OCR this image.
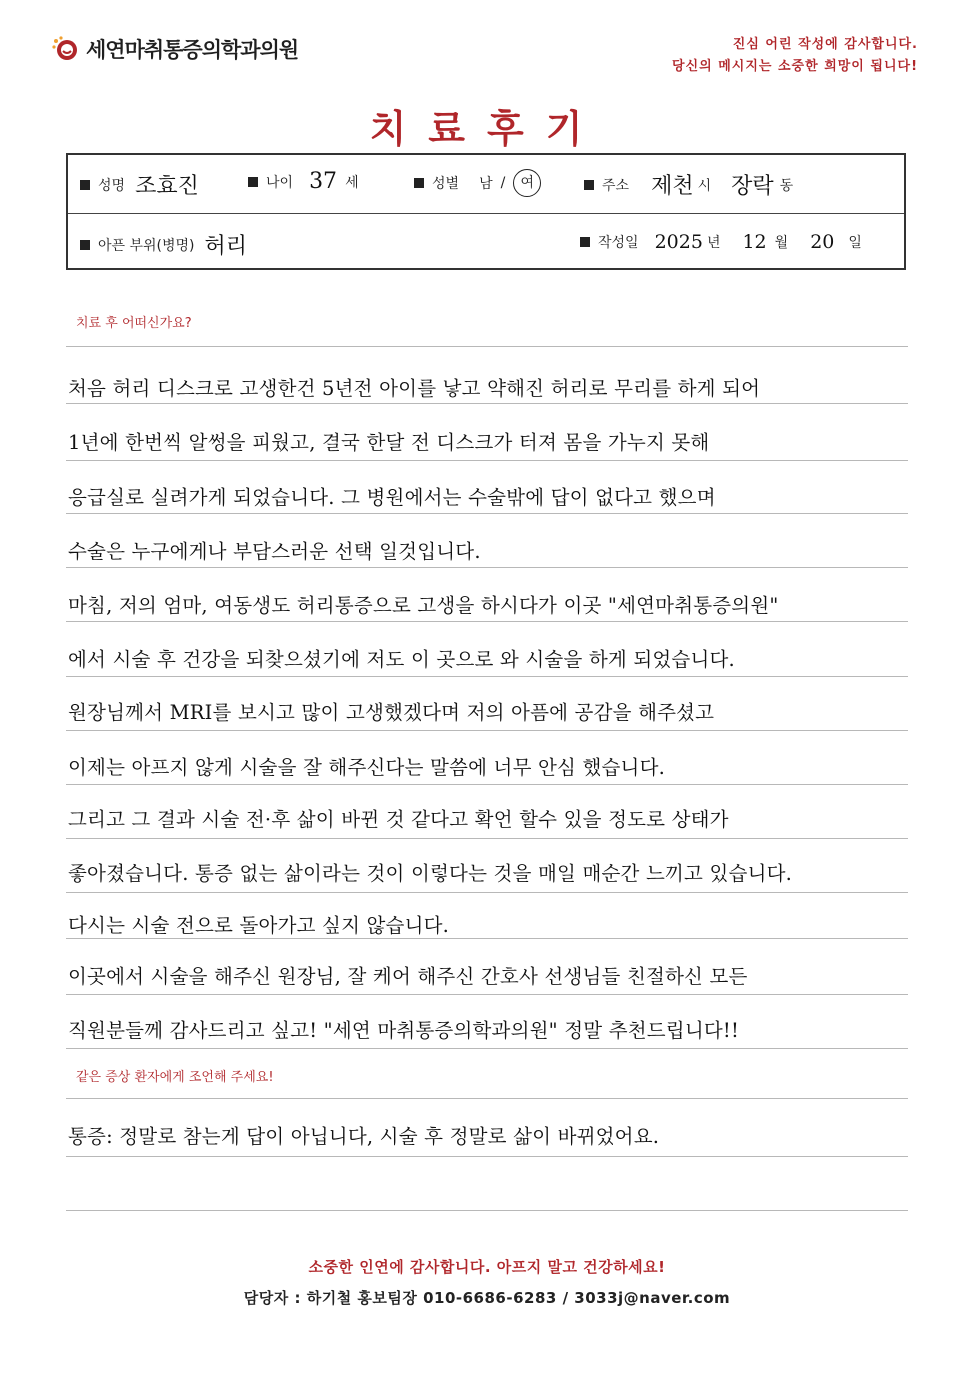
세연마취통증의학과의원	진심 어린 작성에 감사합니다.
당신의 메시지는 소중한 희망이 됩니다!
치료후기
성명 조효진	나이 37 세	성별 남 /	여	주소 제천 시 장락 동
아픈 부위(병명) 허리	작성일 2025 년 12 월 20 일
치료 후 어떠신가요?
처음 허리 디스크로 고생한건 5년전 아이를 낳고 약해진 허리로 무리를 하게 되어
1년에 한번씩 알썽을 피웠고, 결국 한달 전 디스크가 터져 몸을 가누지 못해
응급실로 실려가게 되었습니다. 그 병원에서는 수술밖에 답이 없다고 했으며
수술은 누구에게나 부담스러운 선택 일것입니다.
마침, 저의 엄마, 여동생도 허리통증으로 고생을 하시다가 이곳 "세연마취통증의원"
에서 시술 후 건강을 되찾으셨기에 저도 이 곳으로 와 시술을 하게 되었습니다.
원장님께서 MRI를 보시고 많이 고생했겠다며 저의 아픔에 공감을 해주셨고
이제는 아프지 않게 시술을 잘 해주신다는 말씀에 너무 안심 했습니다.
그리고 그 결과 시술 전·후 삶이 바뀐 것 같다고 확언 할수 있을 정도로 상태가
좋아졌습니다. 통증 없는 삶이라는 것이 이렇다는 것을 매일 매순간 느끼고 있습니다.
다시는 시술 전으로 돌아가고 싶지 않습니다.
이곳에서 시술을 해주신 원장님, 잘 케어 해주신 간호사 선생님들 친절하신 모든
직원분들께 감사드리고 싶고! "세연 마취통증의학과의원" 정말 추천드립니다!!
같은 증상 환자에게 조언해 주세요!
통증: 정말로 참는게 답이 아닙니다, 시술 후 정말로 삶이 바뀌었어요.
소중한 인연에 감사합니다. 아프지 말고 건강하세요!
담당자 : 하기철 홍보팀장 010-6686-6283 / 3033j@naver.com
